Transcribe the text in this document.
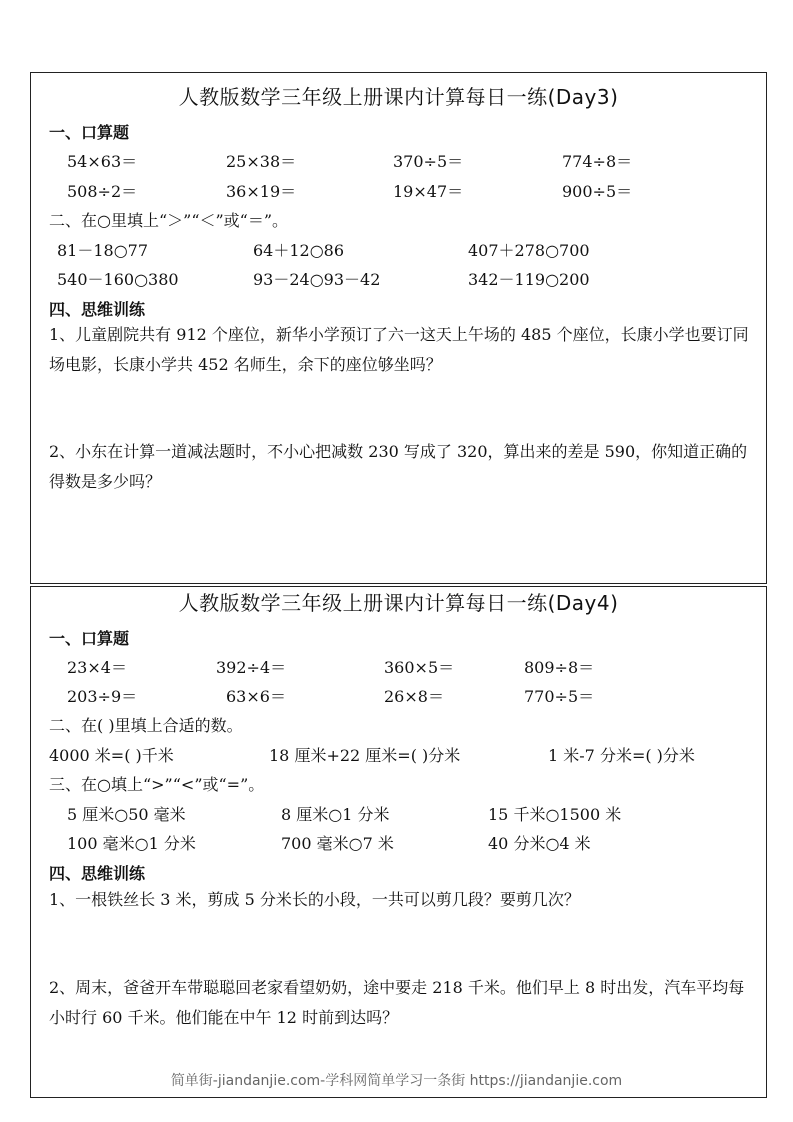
人教版数学三年级上册课内计算每日一练(Day3)
一、口算题
54×63＝	25×38＝	370÷5＝	774÷8＝
508÷2＝	36×19＝	19×47＝	900÷5＝
二、在○里填上“＞”“＜”或“＝”。
81－18○77	64＋12○86	407＋278○700
540－160○380	93－24○93－42	342－119○200
四、思维训练
1、儿童剧院共有 912 个座位，新华小学预订了六一这天上午场的 485 个座位，长康小学也要订同场电影，长康小学共 452 名师生，余下的座位够坐吗？
2、小东在计算一道减法题时，不小心把减数 230 写成了 320，算出来的差是 590，你知道正确的得数是多少吗？
人教版数学三年级上册课内计算每日一练(Day4)
一、口算题
23×4＝	392÷4＝	360×5＝	809÷8＝
203÷9＝	63×6＝	26×8＝	770÷5＝
二、在( )里填上合适的数。
4000 米=( )千米	18 厘米+22 厘米=( )分米	1 米-7 分米=( )分米
三、在○填上“>”“<”或“=”。
5 厘米○50 毫米	8 厘米○1 分米	15 千米○1500 米
100 毫米○1 分米	700 毫米○7 米	40 分米○4 米
四、思维训练
1、一根铁丝长 3 米，剪成 5 分米长的小段，一共可以剪几段？要剪几次？
2、周末，爸爸开车带聪聪回老家看望奶奶，途中要走 218 千米。他们早上 8 时出发，汽车平均每小时行 60 千米。他们能在中午 12 时前到达吗？
简单街-jiandanjie.com-学科网简单学习一条街 https://jiandanjie.com
